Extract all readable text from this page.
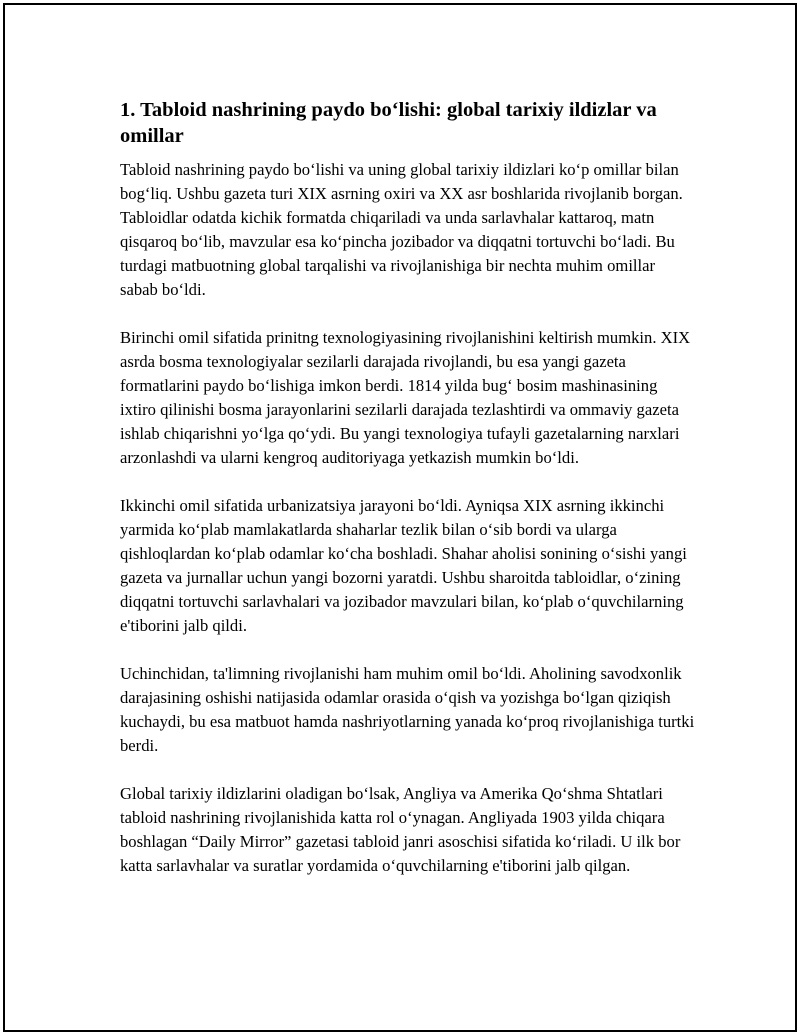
1. Tabloid nashrining paydo bo‘lishi: global tarixiy ildizlar va omillar

Tabloid nashrining paydo bo‘lishi va uning global tarixiy ildizlari ko‘p omillar bilan bog‘liq. Ushbu gazeta turi XIX asrning oxiri va XX asr boshlarida rivojlanib borgan. Tabloidlar odatda kichik formatda chiqariladi va unda sarlavhalar kattaroq, matn qisqaroq bo‘lib, mavzular esa ko‘pincha jozibador va diqqatni tortuvchi bo‘ladi. Bu turdagi matbuotning global tarqalishi va rivojlanishiga bir nechta muhim omillar sabab bo‘ldi.

Birinchi omil sifatida prinitng texnologiyasining rivojlanishini keltirish mumkin. XIX asrda bosma texnologiyalar sezilarli darajada rivojlandi, bu esa yangi gazeta formatlarini paydo bo‘lishiga imkon berdi. 1814 yilda bug‘ bosim mashinasining ixtiro qilinishi bosma jarayonlarini sezilarli darajada tezlashtirdi va ommaviy gazeta ishlab chiqarishni yo‘lga qo‘ydi. Bu yangi texnologiya tufayli gazetalarning narxlari arzonlashdi va ularni kengroq auditoriyaga yetkazish mumkin bo‘ldi.

Ikkinchi omil sifatida urbanizatsiya jarayoni bo‘ldi. Ayniqsa XIX asrning ikkinchi yarmida ko‘plab mamlakatlarda shaharlar tezlik bilan o‘sib bordi va ularga qishloqlardan ko‘plab odamlar ko‘cha boshladi. Shahar aholisi sonining o‘sishi yangi gazeta va jurnallar uchun yangi bozorni yaratdi. Ushbu sharoitda tabloidlar, o‘zining diqqatni tortuvchi sarlavhalari va jozibador mavzulari bilan, ko‘plab o‘quvchilarning e'tiborini jalb qildi.

Uchinchidan, ta'limning rivojlanishi ham muhim omil bo‘ldi. Aholining savodxonlik darajasining oshishi natijasida odamlar orasida o‘qish va yozishga bo‘lgan qiziqish kuchaydi, bu esa matbuot hamda nashriyotlarning yanada ko‘proq rivojlanishiga turtki berdi.

Global tarixiy ildizlarini oladigan bo‘lsak, Angliya va Amerika Qo‘shma Shtatlari tabloid nashrining rivojlanishida katta rol o‘ynagan. Angliyada 1903 yilda chiqara boshlagan “Daily Mirror” gazetasi tabloid janri asoschisi sifatida ko‘riladi. U ilk bor katta sarlavhalar va suratlar yordamida o‘quvchilarning e'tiborini jalb qilgan.
